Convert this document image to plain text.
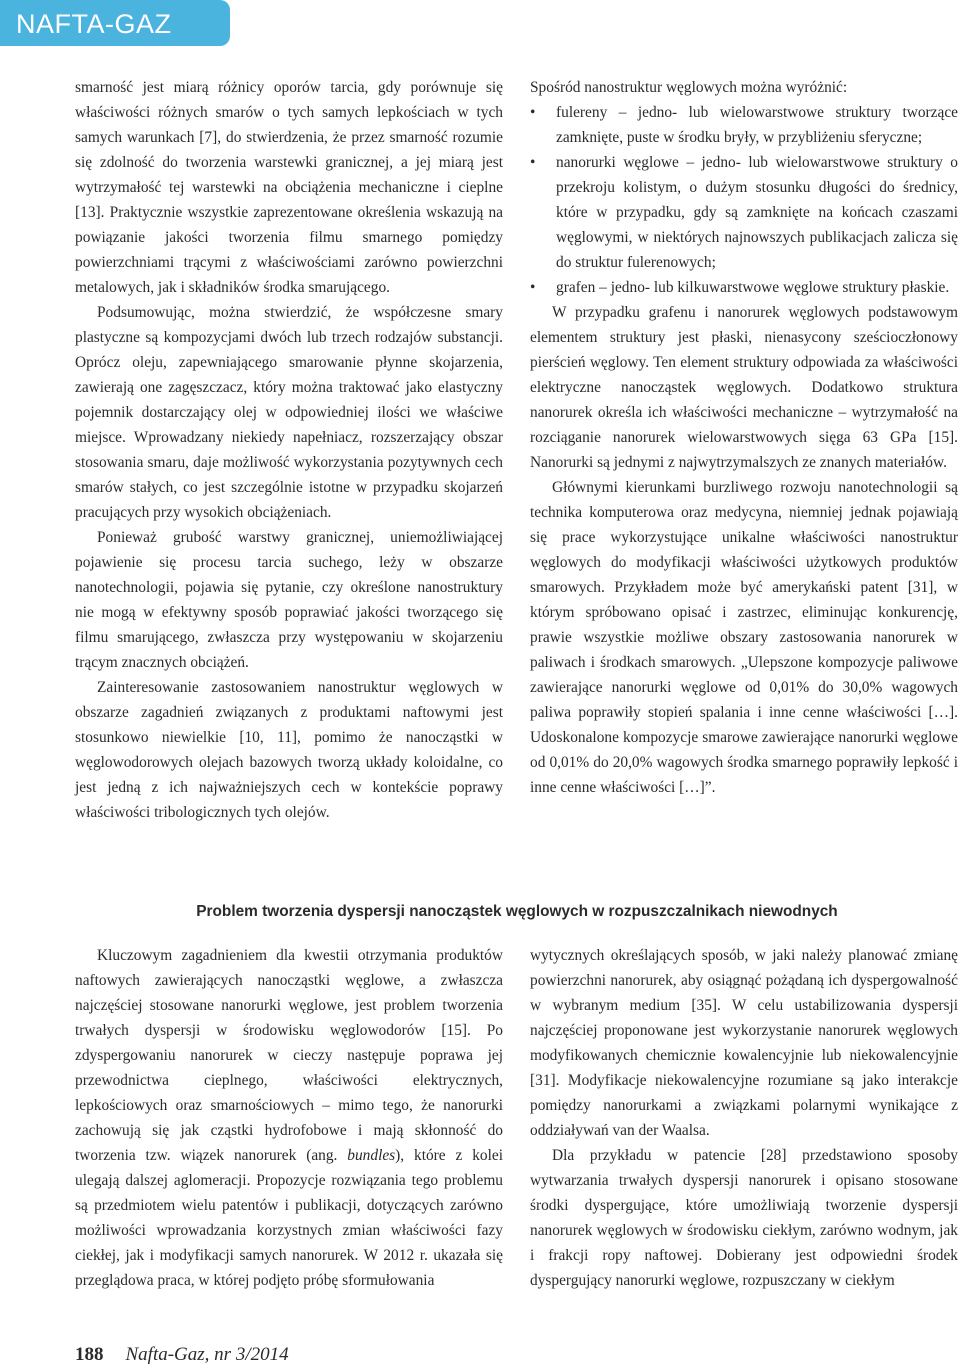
NAFTA-GAZ

smarność jest miarą różnicy oporów tarcia, gdy porównuje się właściwości różnych smarów o tych samych lepkościach w tych samych warunkach [7], do stwierdzenia, że przez smarność rozumie się zdolność do tworzenia warstewki granicznej, a jej miarą jest wytrzymałość tej warstewki na obciążenia mechaniczne i cieplne [13]. Praktycznie wszystkie zaprezentowane określenia wskazują na powiązanie jakości tworzenia filmu smarnego pomiędzy powierzchniami trącymi z właściwościami zarówno powierzchni metalowych, jak i składników środka smarującego.

Podsumowując, można stwierdzić, że współczesne smary plastyczne są kompozycjami dwóch lub trzech rodzajów substancji. Oprócz oleju, zapewniającego smarowanie płynne skojarzenia, zawierają one zagęszczacz, który można traktować jako elastyczny pojemnik dostarczający olej w odpowiedniej ilości we właściwe miejsce. Wprowadzany niekiedy napełniacz, rozszerzający obszar stosowania smaru, daje możliwość wykorzystania pozytywnych cech smarów stałych, co jest szczególnie istotne w przypadku skojarzeń pracujących przy wysokich obciążeniach.

Ponieważ grubość warstwy granicznej, uniemożliwiającej pojawienie się procesu tarcia suchego, leży w obszarze nanotechnologii, pojawia się pytanie, czy określone nanostruktury nie mogą w efektywny sposób poprawiać jakości tworzącego się filmu smarującego, zwłaszcza przy występowaniu w skojarzeniu trącym znacznych obciążeń.

Zainteresowanie zastosowaniem nanostruktur węglowych w obszarze zagadnień związanych z produktami naftowymi jest stosunkowo niewielkie [10, 11], pomimo że nanocząstki w węglowodorowych olejach bazowych tworzą układy koloidalne, co jest jedną z ich najważniejszych cech w kontekście poprawy właściwości tribologicznych tych olejów.

Spośród nanostruktur węglowych można wyróżnić:

• fulereny – jedno- lub wielowarstwowe struktury tworzące zamknięte, puste w środku bryły, w przybliżeniu sferyczne;
• nanorurki węglowe – jedno- lub wielowarstwowe struktury o przekroju kolistym, o dużym stosunku długości do średnicy, które w przypadku, gdy są zamknięte na końcach czaszami węglowymi, w niektórych najnowszych publikacjach zalicza się do struktur fulerenowych;
• grafen – jedno- lub kilkuwarstwowe węglowe struktury płaskie.

W przypadku grafenu i nanorurek węglowych podstawowym elementem struktury jest płaski, nienasycony sześcioczłonowy pierścień węglowy. Ten element struktury odpowiada za właściwości elektryczne nanocząstek węglowych. Dodatkowo struktura nanorurek określa ich właściwości mechaniczne – wytrzymałość na rozciąganie nanorurek wielowarstwowych sięga 63 GPa [15]. Nanorurki są jednymi z najwytrzymalszych ze znanych materiałów.

Głównymi kierunkami burzliwego rozwoju nanotechnologii są technika komputerowa oraz medycyna, niemniej jednak pojawiają się prace wykorzystujące unikalne właściwości nanostruktur węglowych do modyfikacji właściwości użytkowych produktów smarowych. Przykładem może być amerykański patent [31], w którym spróbowano opisać i zastrzec, eliminując konkurencję, prawie wszystkie możliwe obszary zastosowania nanorurek w paliwach i środkach smarowych. „Ulepszone kompozycje paliwowe zawierające nanorurki węglowe od 0,01% do 30,0% wagowych paliwa poprawiły stopień spalania i inne cenne właściwości […]. Udoskonalone kompozycje smarowe zawierające nanorurki węglowe od 0,01% do 20,0% wagowych środka smarnego poprawiły lepkość i inne cenne właściwości […]”.

Problem tworzenia dyspersji nanocząstek węglowych w rozpuszczalnikach niewodnych

Kluczowym zagadnieniem dla kwestii otrzymania produktów naftowych zawierających nanocząstki węglowe, a zwłaszcza najczęściej stosowane nanorurki węglowe, jest problem tworzenia trwałych dyspersji w środowisku węglowodorów [15]. Po zdyspergowaniu nanorurek w cieczy następuje poprawa jej przewodnictwa cieplnego, właściwości elektrycznych, lepkościowych oraz smarnościowych – mimo tego, że nanorurki zachowują się jak cząstki hydrofobowe i mają skłonność do tworzenia tzw. wiązek nanorurek (ang. bundles), które z kolei ulegają dalszej aglomeracji. Propozycje rozwiązania tego problemu są przedmiotem wielu patentów i publikacji, dotyczących zarówno możliwości wprowadzania korzystnych zmian właściwości fazy ciekłej, jak i modyfikacji samych nanorurek. W 2012 r. ukazała się przeglądowa praca, w której podjęto próbę sformułowania

wytycznych określających sposób, w jaki należy planować zmianę powierzchni nanorurek, aby osiągnąć pożądaną ich dyspergowalność w wybranym medium [35]. W celu ustabilizowania dyspersji najczęściej proponowane jest wykorzystanie nanorurek węglowych modyfikowanych chemicznie kowalencyjnie lub niekowalencyjnie [31]. Modyfikacje niekowalencyjne rozumiane są jako interakcje pomiędzy nanorurkami a związkami polarnymi wynikające z oddziaływań van der Waalsa.

Dla przykładu w patencie [28] przedstawiono sposoby wytwarzania trwałych dyspersji nanorurek i opisano stosowane środki dyspergujące, które umożliwiają tworzenie dyspersji nanorurek węglowych w środowisku ciekłym, zarówno wodnym, jak i frakcji ropy naftowej. Dobierany jest odpowiedni środek dyspergujący nanorurki węglowe, rozpuszczany w ciekłym

188 Nafta-Gaz, nr 3/2014
